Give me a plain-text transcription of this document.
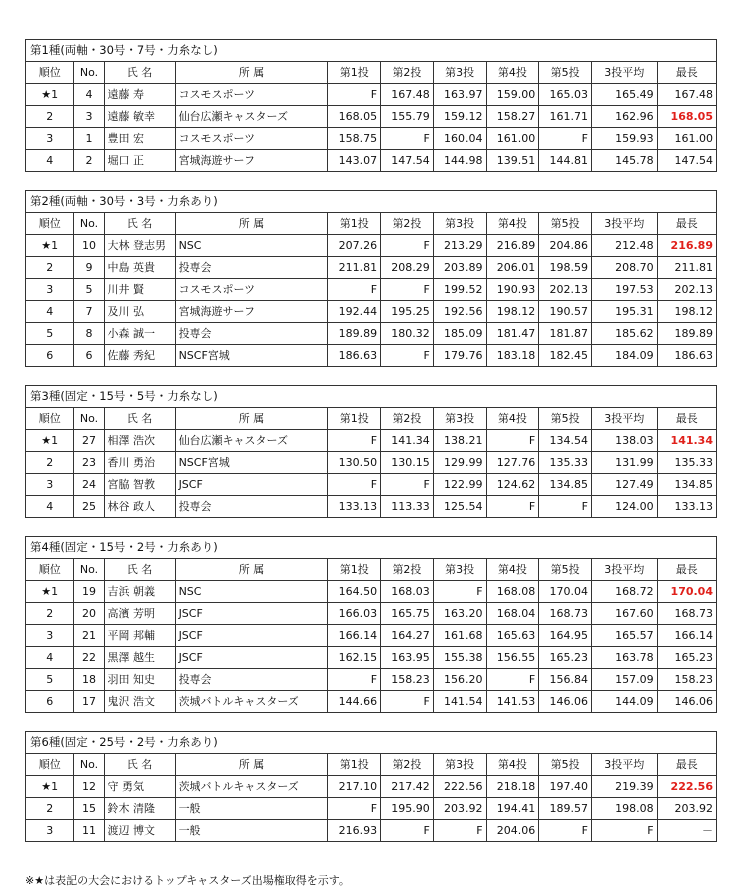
第1種(両軸・30号・7号・力糸なし)										
順位	No.	氏 名	所 属	第1投	第2投	第3投	第4投	第5投	3投平均	最長
★1	4	遠藤 寿	コスモスポーツ	F	167.48	163.97	159.00	165.03	165.49	167.48
2	3	遠藤 敏幸	仙台広瀬キャスターズ	168.05	155.79	159.12	158.27	161.71	162.96	168.05
3	1	豊田 宏	コスモスポーツ	158.75	F	160.04	161.00	F	159.93	161.00
4	2	堀口 正	宮城海遊サーフ	143.07	147.54	144.98	139.51	144.81	145.78	147.54
第2種(両軸・30号・3号・力糸あり)										
順位	No.	氏 名	所 属	第1投	第2投	第3投	第4投	第5投	3投平均	最長
★1	10	大林 登志男	NSC	207.26	F	213.29	216.89	204.86	212.48	216.89
2	9	中島 英貴	投専会	211.81	208.29	203.89	206.01	198.59	208.70	211.81
3	5	川井 賢	コスモスポーツ	F	F	199.52	190.93	202.13	197.53	202.13
4	7	及川 弘	宮城海遊サーフ	192.44	195.25	192.56	198.12	190.57	195.31	198.12
5	8	小森 誠一	投専会	189.89	180.32	185.09	181.47	181.87	185.62	189.89
6	6	佐藤 秀紀	NSCF宮城	186.63	F	179.76	183.18	182.45	184.09	186.63
第3種(固定・15号・5号・力糸なし)										
順位	No.	氏 名	所 属	第1投	第2投	第3投	第4投	第5投	3投平均	最長
★1	27	相澤 浩次	仙台広瀬キャスターズ	F	141.34	138.21	F	134.54	138.03	141.34
2	23	香川 勇治	NSCF宮城	130.50	130.15	129.99	127.76	135.33	131.99	135.33
3	24	宮脇 智教	JSCF	F	F	122.99	124.62	134.85	127.49	134.85
4	25	林谷 政人	投専会	133.13	113.33	125.54	F	F	124.00	133.13
第4種(固定・15号・2号・力糸あり)										
順位	No.	氏 名	所 属	第1投	第2投	第3投	第4投	第5投	3投平均	最長
★1	19	吉浜 朝義	NSC	164.50	168.03	F	168.08	170.04	168.72	170.04
2	20	高濱 芳明	JSCF	166.03	165.75	163.20	168.04	168.73	167.60	168.73
3	21	平岡 邦輔	JSCF	166.14	164.27	161.68	165.63	164.95	165.57	166.14
4	22	黒澤 越生	JSCF	162.15	163.95	155.38	156.55	165.23	163.78	165.23
5	18	羽田 知史	投専会	F	158.23	156.20	F	156.84	157.09	158.23
6	17	鬼沢 浩文	茨城バトルキャスターズ	144.66	F	141.54	141.53	146.06	144.09	146.06
第6種(固定・25号・2号・力糸あり)										
順位	No.	氏 名	所 属	第1投	第2投	第3投	第4投	第5投	3投平均	最長
★1	12	守 勇気	茨城バトルキャスターズ	217.10	217.42	222.56	218.18	197.40	219.39	222.56
2	15	鈴木 清隆	一般	F	195.90	203.92	194.41	189.57	198.08	203.92
3	11	渡辺 博文	一般	216.93	F	F	204.06	F	F	－
※★は表記の大会におけるトップキャスターズ出場権取得を示す。
